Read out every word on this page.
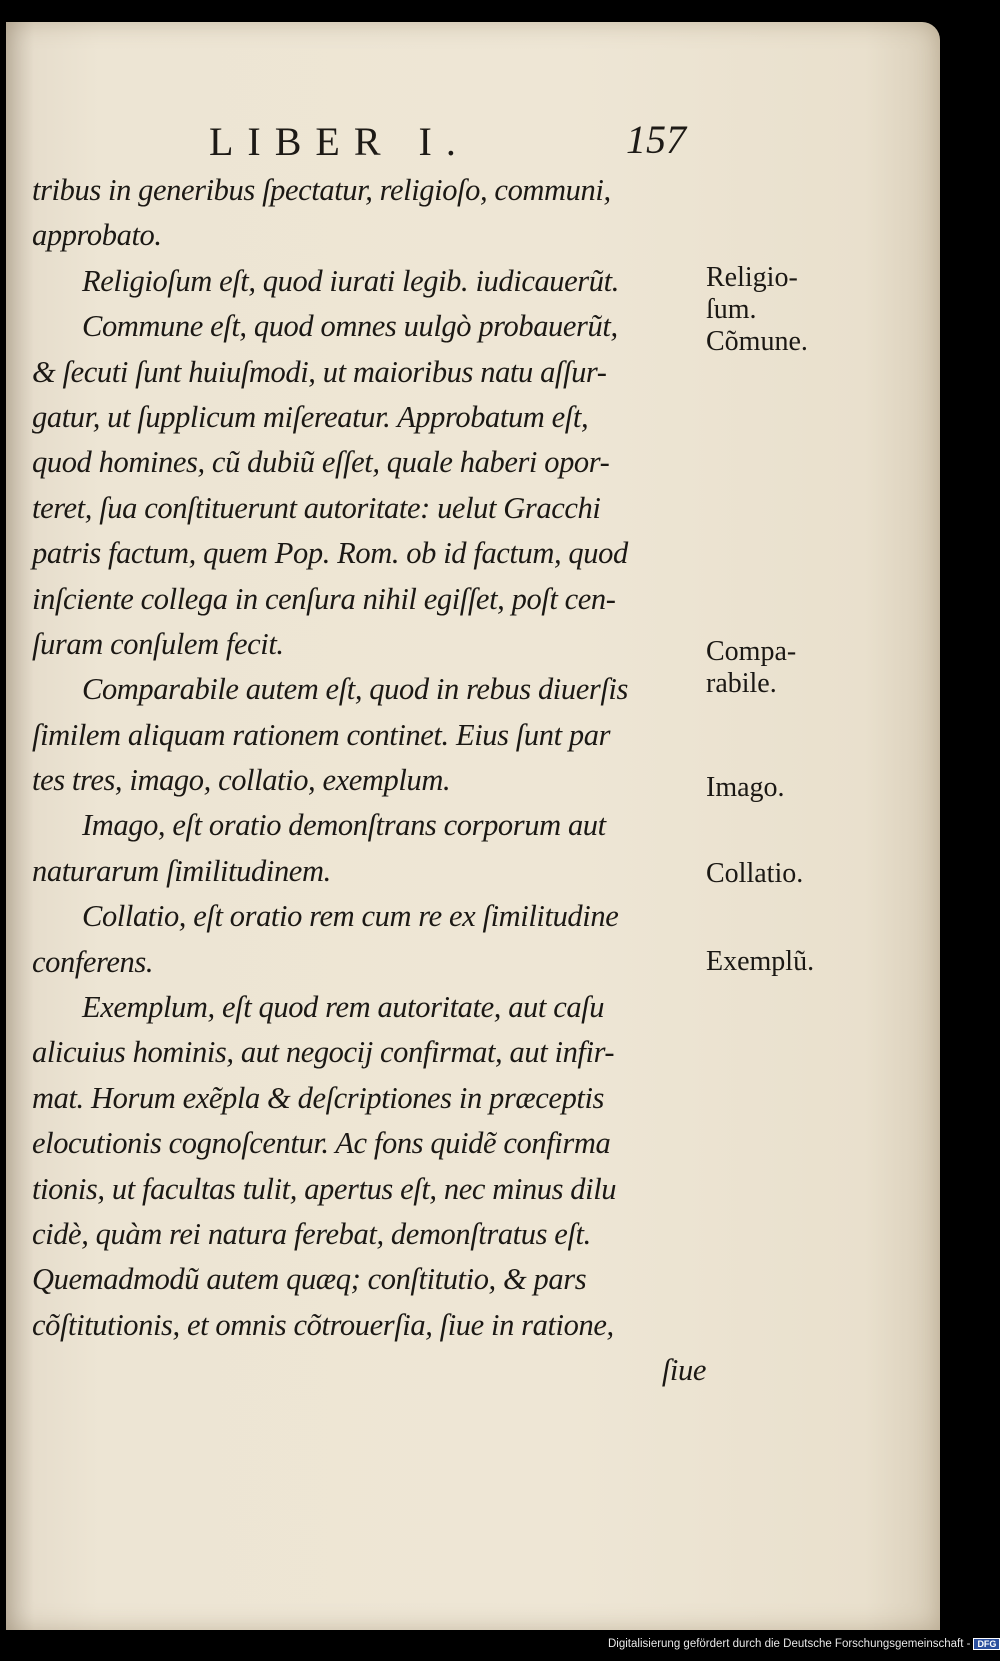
LIBER I.	157
tribus in generibus ſpectatur, religioſo, communi,
approbato.
Religioſum eſt, quod iurati legib. iudicauerũt.
Commune eſt, quod omnes uulgò probauerũt,
& ſecuti ſunt huiuſmodi, ut maioribus natu aſſur-
gatur, ut ſupplicum miſereatur. Approbatum eſt,
quod homines, cũ dubiũ eſſet, quale haberi opor-
teret, ſua conſtituerunt autoritate: uelut Gracchi
patris factum, quem Pop. Rom. ob id factum, quod
inſciente collega in cenſura nihil egiſſet, poſt cen-
ſuram conſulem fecit.
Comparabile autem eſt, quod in rebus diuerſis
ſimilem aliquam rationem continet. Eius ſunt par
tes tres, imago, collatio, exemplum.
Imago, eſt oratio demonſtrans corporum aut
naturarum ſimilitudinem.
Collatio, eſt oratio rem cum re ex ſimilitudine
conferens.
Exemplum, eſt quod rem autoritate, aut caſu
alicuius hominis, aut negocij confirmat, aut infir-
mat. Horum exẽpla & deſcriptiones in præceptis
elocutionis cognoſcentur. Ac fons quidẽ confirma
tionis, ut facultas tulit, apertus eſt, nec minus dilu
cidè, quàm rei natura ferebat, demonſtratus eſt.
Quemadmodũ autem quæq; conſtitutio, & pars
cõſtitutionis, et omnis cõtrouerſia, ſiue in ratione,
ſiue
Religio-
ſum.
Cõmune.
Compa-
rabile.
Imago.
Collatio.
Exemplũ.
Digitalisierung gefördert durch die Deutsche Forschungsgemeinschaft - DFG
